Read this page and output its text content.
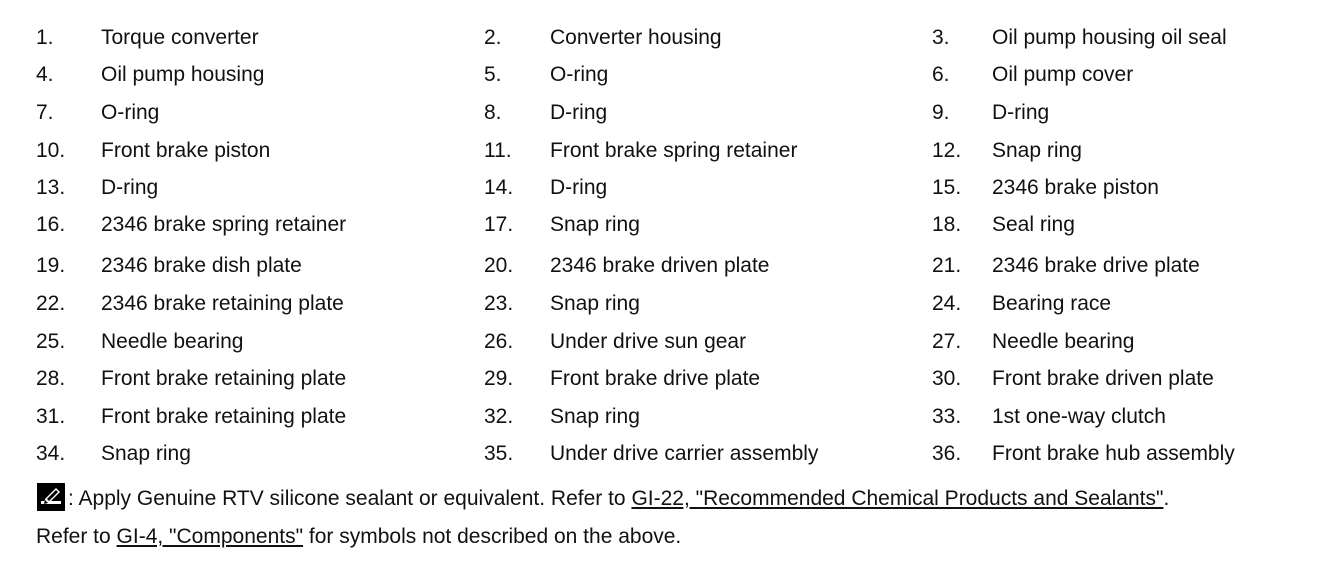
1.	Torque converter	2.	Converter housing	3.	Oil pump housing oil seal
4.	Oil pump housing	5.	O-ring	6.	Oil pump cover
7.	O-ring	8.	D-ring	9.	D-ring
10.	Front brake piston	11.	Front brake spring retainer	12.	Snap ring
13.	D-ring	14.	D-ring	15.	2346 brake piston
16.	2346 brake spring retainer	17.	Snap ring	18.	Seal ring
19.	2346 brake dish plate	20.	2346 brake driven plate	21.	2346 brake drive plate
22.	2346 brake retaining plate	23.	Snap ring	24.	Bearing race
25.	Needle bearing	26.	Under drive sun gear	27.	Needle bearing
28.	Front brake retaining plate	29.	Front brake drive plate	30.	Front brake driven plate
31.	Front brake retaining plate	32.	Snap ring	33.	1st one-way clutch
34.	Snap ring	35.	Under drive carrier assembly	36.	Front brake hub assembly
: Apply Genuine RTV silicone sealant or equivalent. Refer to GI-22, "Recommended Chemical Products and Sealants".
Refer to GI-4, "Components" for symbols not described on the above.
